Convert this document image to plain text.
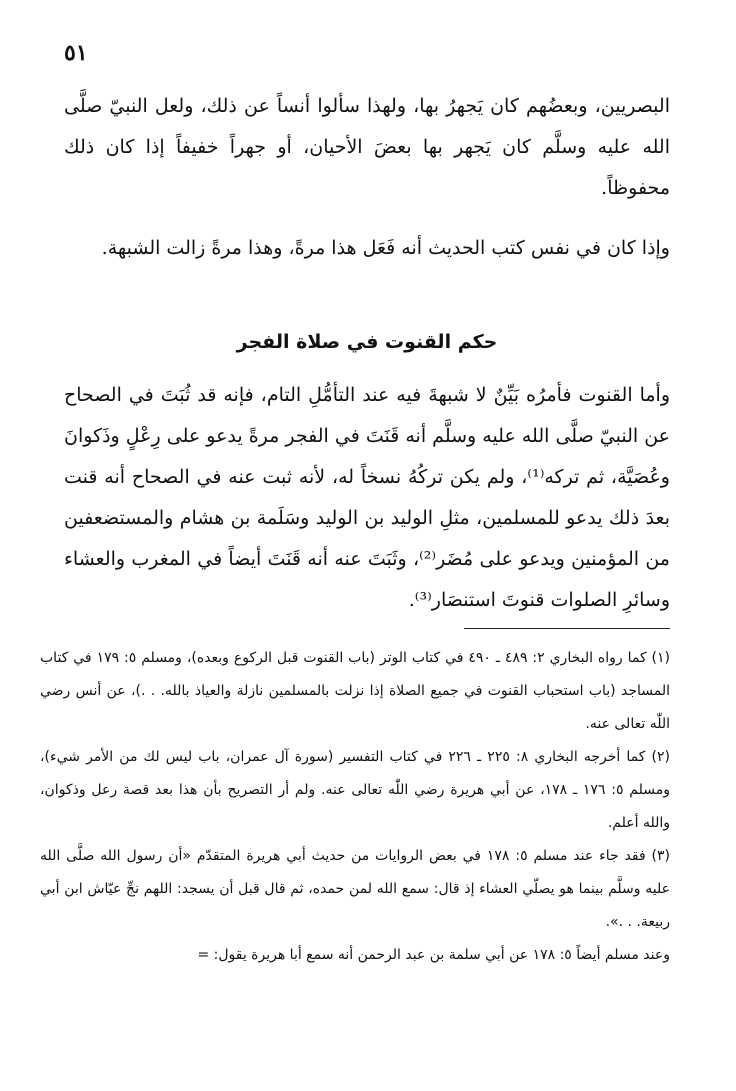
٥١

البصريين، وبعضُهم كان يَجهرُ بها، ولهذا سألوا أنساً عن ذلك، ولعل النبيّ صلَّى الله عليه وسلَّم كان يَجهر بها بعضَ الأحيان، أو جهراً خفيفاً إذا كان ذلك محفوظاً.

وإذا كان في نفس كتب الحديث أنه فَعَل هذا مرةً، وهذا مرةً زالت الشبهة.

حكم القنوت في صلاة الفجر

وأما القنوت فأمرُه بَيِّنٌ لا شبهةَ فيه عند التأمُّلِ التام، فإنه قد ثُبَتَ في الصحاح عن النبيّ صلَّى الله عليه وسلَّم أنه قَنَتَ في الفجر مرةً يدعو على رِعْلٍ وذَكوانَ وعُصَيَّة، ثم تركه⁽¹⁾، ولم يكن تركُهُ نسخاً له، لأنه ثبت عنه في الصحاح أنه قنت بعدَ ذلك يدعو للمسلمين، مثلِ الوليد بن الوليد وسَلَمة بن هشام والمستضعفين من المؤمنين ويدعو على مُضَر⁽²⁾، وثَبَتَ عنه أنه قَنَتَ أيضاً في المغرب والعشاء وسائرِ الصلوات قنوتَ استنصَار⁽³⁾.

(١) كما رواه البخاري ٢: ٤٨٩ ـ ٤٩٠ في كتاب الوتر (باب القنوت قبل الركوع وبعده)، ومسلم ٥: ١٧٩ في كتاب المساجد (باب استحباب القنوت في جميع الصلاة إذا نزلت بالمسلمين نازلة والعياذ بالله. . .)، عن أنس رضي اللّٰه تعالى عنه.

(٢) كما أخرجه البخاري ٨: ٢٢٥ ـ ٢٢٦ في كتاب التفسير (سورة آل عمران، باب ليس لك من الأمر شيء)، ومسلم ٥: ١٧٦ ـ ١٧٨، عن أبي هريرة رضي اللّٰه تعالى عنه. ولم أر التصريح بأن هذا بعد قصة رعل وذكوان، والله أعلم.

(٣) فقد جاء عند مسلم ٥: ١٧٨ في بعض الروايات من حديث أبي هريرة المتقدّم «أن رسول الله صلَّى الله عليه وسلَّم بينما هو يصلّي العشاء إذ قال: سمع الله لمن حمده، ثم قال قبل أن يسجد: اللهم نجِّ عيّاش ابن أبي ربيعة. . .».

وعند مسلم أيضاً ٥: ١٧٨ عن أبي سلمة بن عبد الرحمن أنه سمع أبا هريرة يقول: =
